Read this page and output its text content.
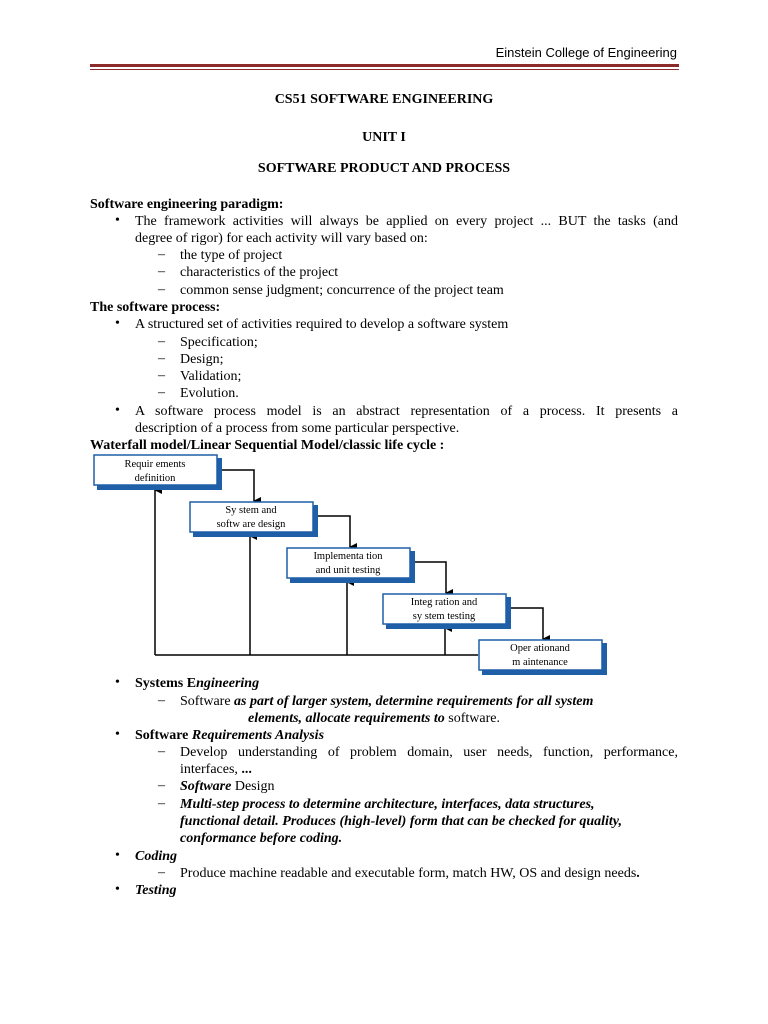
Einstein College of Engineering
CS51 SOFTWARE ENGINEERING
UNIT I
SOFTWARE PRODUCT AND PROCESS
Software engineering paradigm:
• The framework activities will always be applied on every project ... BUT the tasks (and
degree of rigor) for each activity will vary based on:
– the type of project
– characteristics of the project
– common sense judgment; concurrence of the project team
The software process:
• A structured set of activities required to develop a software system
– Specification;
– Design;
– Validation;
– Evolution.
• A software process model is an abstract representation of a process. It presents a
description of a process from some particular perspective.
Waterfall model/Linear Sequential Model/classic life cycle :
Requir ements
definition
Sy stem and
softw are design
Implementa tion
and unit testing
Integ ration and
sy stem testing
Oper ationand
m aintenance
• Systems Engineering
– Software as part of larger system, determine requirements for all system
elements, allocate requirements to software.
• Software Requirements Analysis
– Develop understanding of problem domain, user needs, function, performance,
interfaces, ...
– Software Design
– Multi-step process to determine architecture, interfaces, data structures,
functional detail. Produces (high-level) form that can be checked for quality,
conformance before coding.
• Coding
– Produce machine readable and executable form, match HW, OS and design needs.
• Testing
